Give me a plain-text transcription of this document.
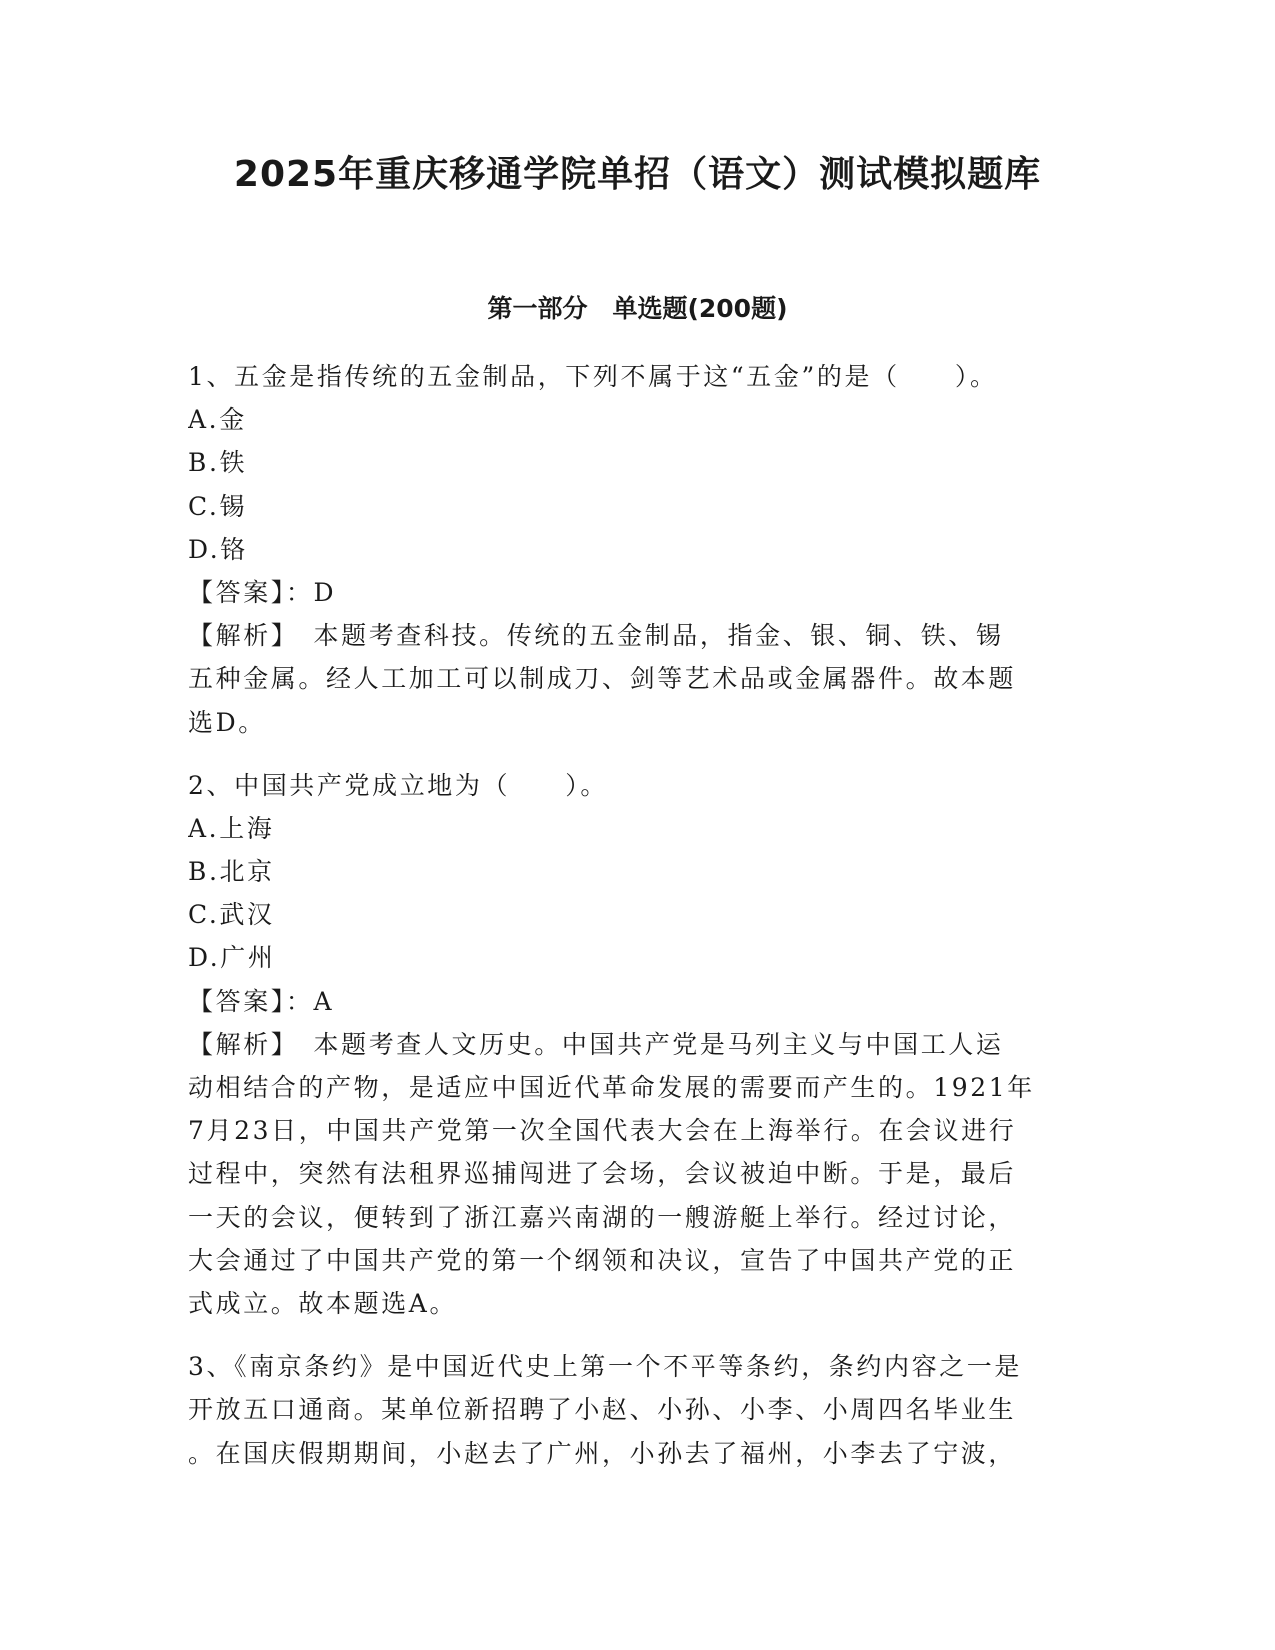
2025年重庆移通学院单招（语文）测试模拟题库
第一部分　单选题(200题)
1、五金是指传统的五金制品，下列不属于这“五金”的是（　　）。
A.金
B.铁
C.锡
D.铬
【答案】：D
【解析】　本题考查科技。传统的五金制品，指金、银、铜、铁、锡
五种金属。经人工加工可以制成刀、剑等艺术品或金属器件。故本题
选D。
2、中国共产党成立地为（　　）。
A.上海
B.北京
C.武汉
D.广州
【答案】：A
【解析】　本题考查人文历史。中国共产党是马列主义与中国工人运
动相结合的产物，是适应中国近代革命发展的需要而产生的。1921年
7月23日，中国共产党第一次全国代表大会在上海举行。在会议进行
过程中，突然有法租界巡捕闯进了会场，会议被迫中断。于是，最后
一天的会议，便转到了浙江嘉兴南湖的一艘游艇上举行。经过讨论，
大会通过了中国共产党的第一个纲领和决议，宣告了中国共产党的正
式成立。故本题选A。
3、《南京条约》是中国近代史上第一个不平等条约，条约内容之一是
开放五口通商。某单位新招聘了小赵、小孙、小李、小周四名毕业生
。在国庆假期期间，小赵去了广州，小孙去了福州，小李去了宁波，
